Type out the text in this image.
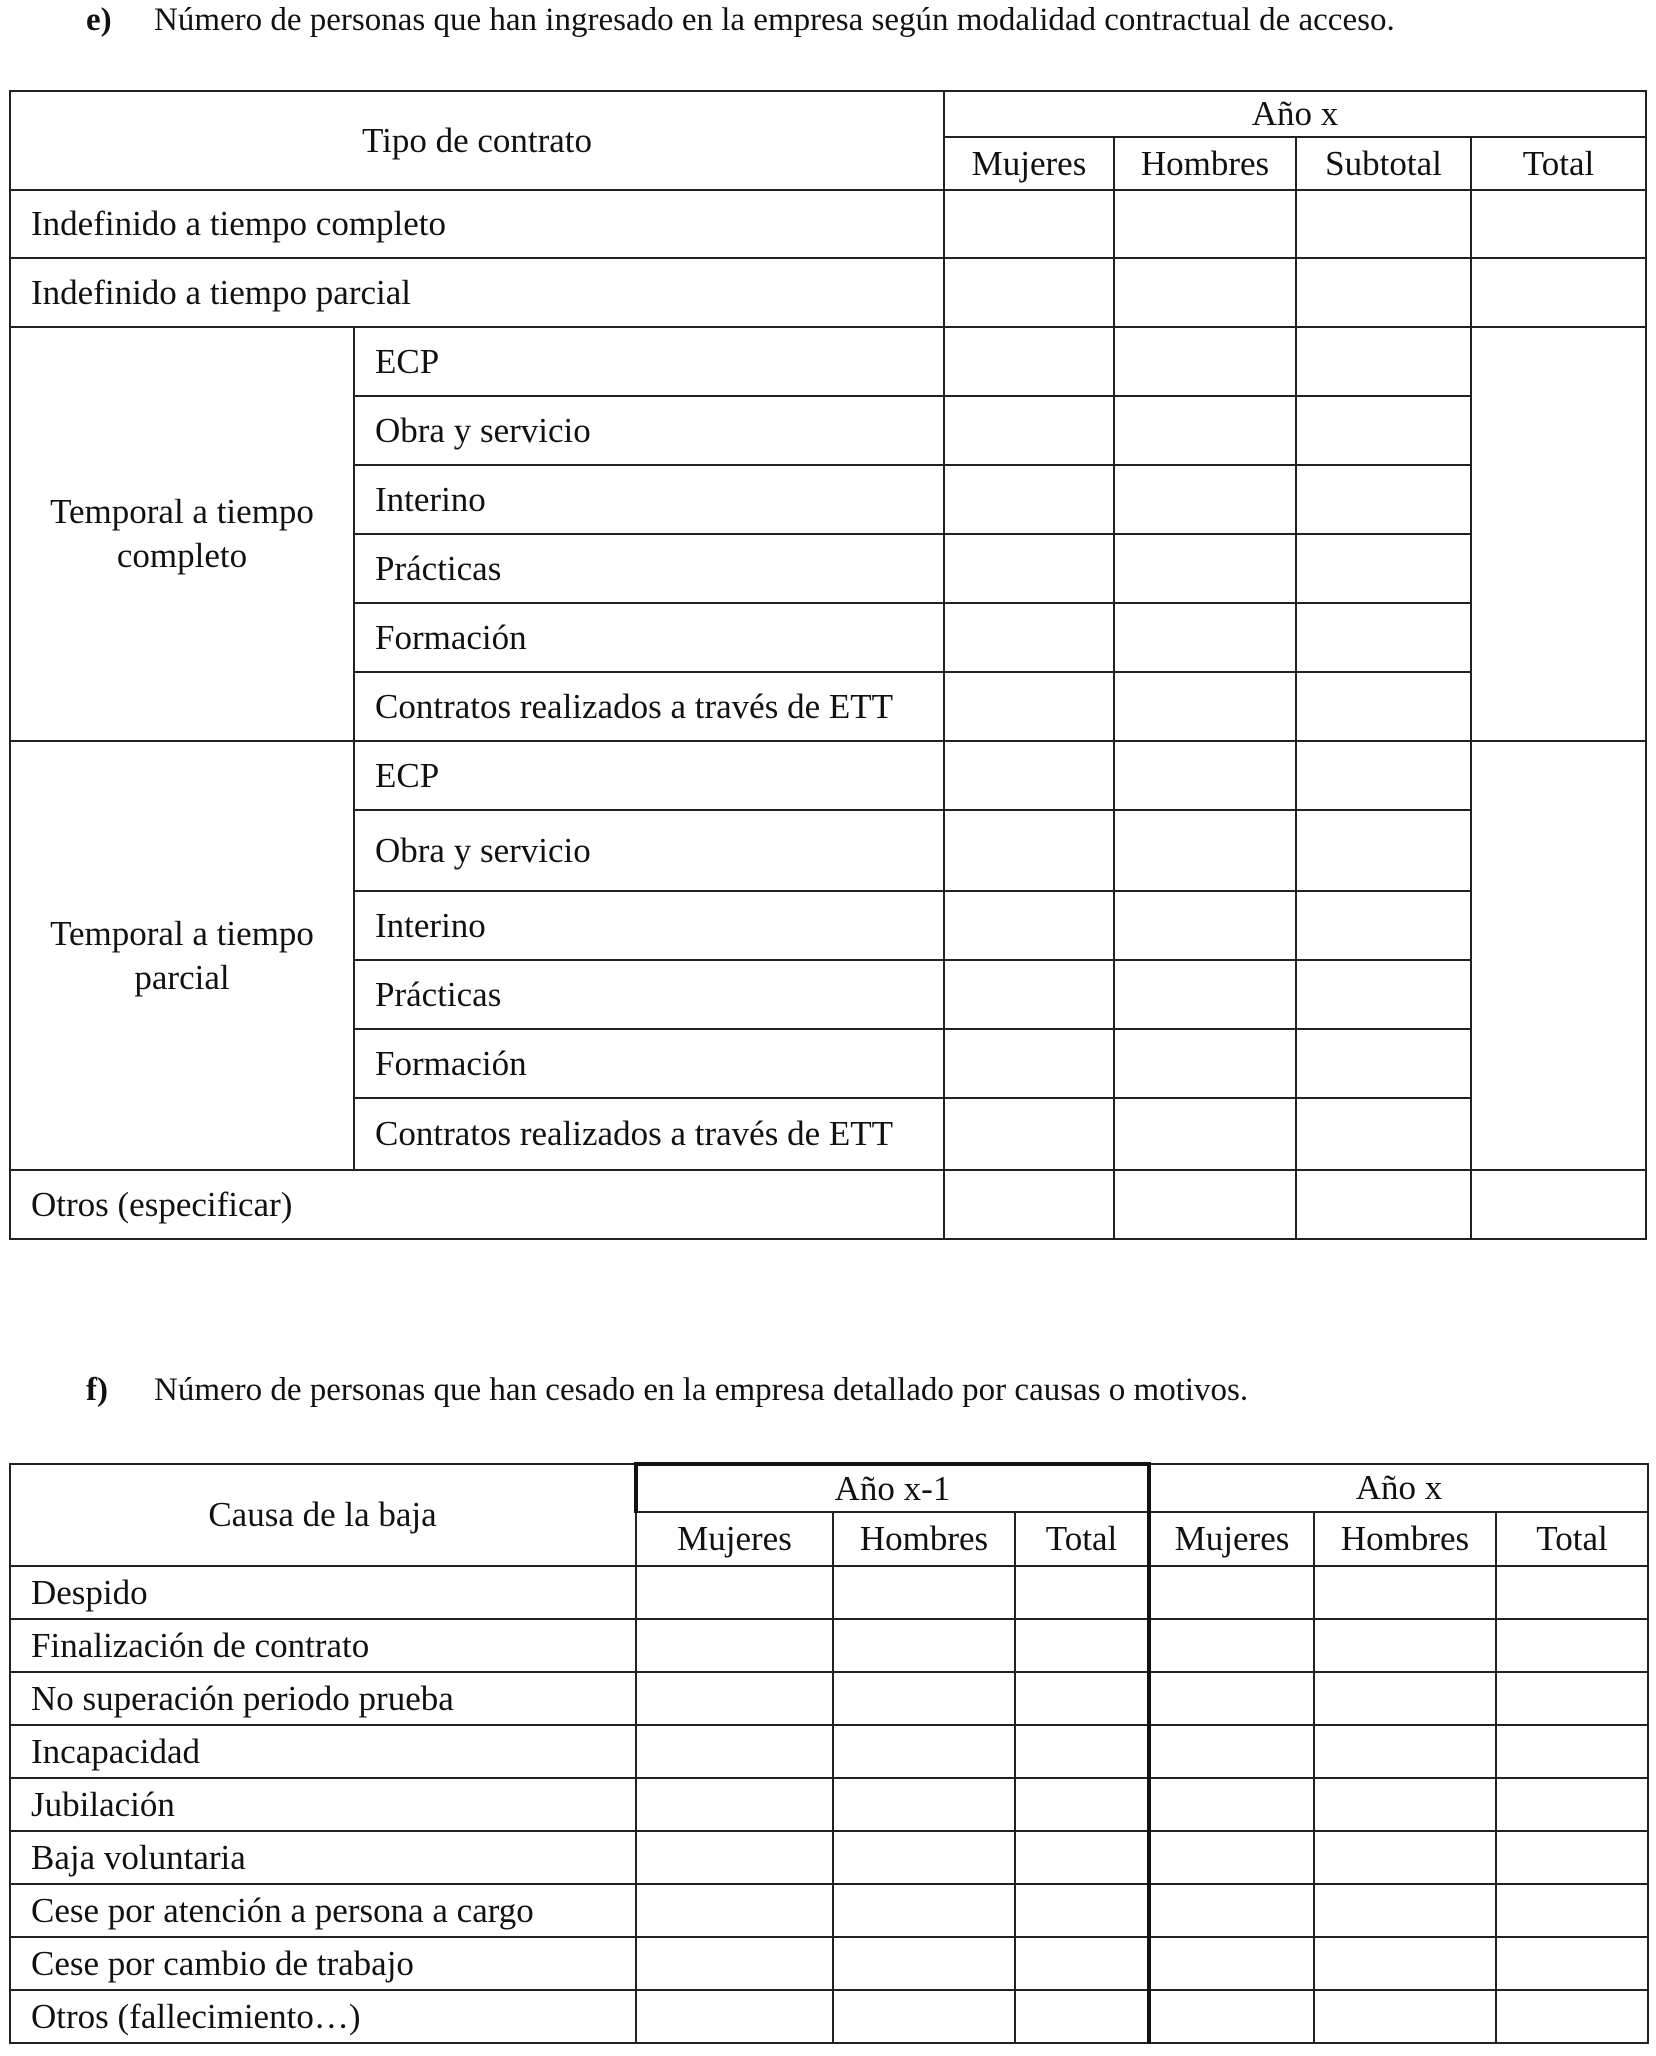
e) Número de personas que han ingresado en la empresa según modalidad contractual de acceso.
Tipo de contrato		Año x			
		Mujeres	Hombres	Subtotal	Total
Indefinido a tiempo completo					
Indefinido a tiempo parcial					
Temporal a tiempo
completo	ECP				
	Obra y servicio				
	Interino				
	Prácticas				
	Formación				
	Contratos realizados a través de ETT				
Temporal a tiempo
parcial	ECP				
	Obra y servicio				
	Interino				
	Prácticas				
	Formación				
	Contratos realizados a través de ETT				
Otros (especificar)					
f) Número de personas que han cesado en la empresa detallado por causas o motivos.
Causa de la baja	Año x-1			Año x		
	Mujeres	Hombres	Total	Mujeres	Hombres	Total
Despido						
Finalización de contrato						
No superación periodo prueba						
Incapacidad						
Jubilación						
Baja voluntaria						
Cese por atención a persona a cargo						
Cese por cambio de trabajo						
Otros (fallecimiento…)						
